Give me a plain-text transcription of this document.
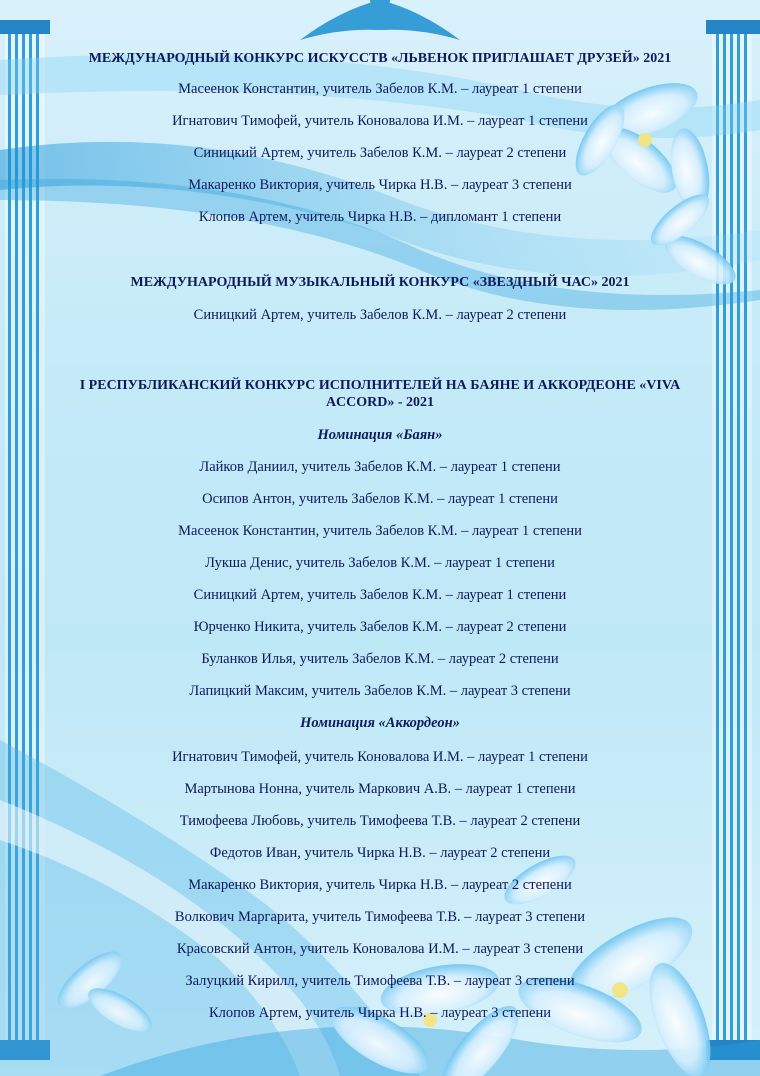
МЕЖДУНАРОДНЫЙ КОНКУРС ИСКУССТВ «ЛЬВЕНОК ПРИГЛАШАЕТ ДРУЗЕЙ» 2021

Масеенок Константин, учитель Забелов К.М. – лауреат 1 степени
Игнатович Тимофей, учитель Коновалова И.М. – лауреат 1 степени
Синицкий Артем, учитель Забелов К.М. – лауреат 2 степени
Макаренко Виктория, учитель Чирка Н.В. – лауреат 3 степени
Клопов Артем, учитель Чирка Н.В. – дипломант 1 степени

МЕЖДУНАРОДНЫЙ МУЗЫКАЛЬНЫЙ КОНКУРС «ЗВЕЗДНЫЙ ЧАС» 2021

Синицкий Артем, учитель Забелов К.М. – лауреат 2 степени

I РЕСПУБЛИКАНСКИЙ КОНКУРС ИСПОЛНИТЕЛЕЙ НА БАЯНЕ И АККОРДЕОНЕ «VIVA

ACCORD» - 2021

Номинация «Баян»
Лайков Даниил, учитель Забелов К.М. – лауреат 1 степени
Осипов Антон, учитель Забелов К.М. – лауреат 1 степени
Масеенок Константин, учитель Забелов К.М. – лауреат 1 степени
Лукша Денис, учитель Забелов К.М. – лауреат 1 степени
Синицкий Артем, учитель Забелов К.М. – лауреат 1 степени
Юрченко Никита, учитель Забелов К.М. – лауреат 2 степени
Буланков Илья, учитель Забелов К.М. – лауреат 2 степени
Лапицкий Максим, учитель Забелов К.М. – лауреат 3 степени
Номинация «Аккордеон»
Игнатович Тимофей, учитель Коновалова И.М. – лауреат 1 степени
Мартынова Нонна, учитель Маркович А.В. – лауреат 1 степени
Тимофеева Любовь, учитель Тимофеева Т.В. – лауреат 2 степени
Федотов Иван, учитель Чирка Н.В. – лауреат 2 степени
Макаренко Виктория, учитель Чирка Н.В. – лауреат 2 степени
Волкович Маргарита, учитель Тимофеева Т.В. – лауреат 3 степени
Красовский Антон, учитель Коновалова И.М. – лауреат 3 степени
Залуцкий Кирилл, учитель Тимофеева Т.В. – лауреат 3 степени
Клопов Артем, учитель Чирка Н.В. – лауреат 3 степени
